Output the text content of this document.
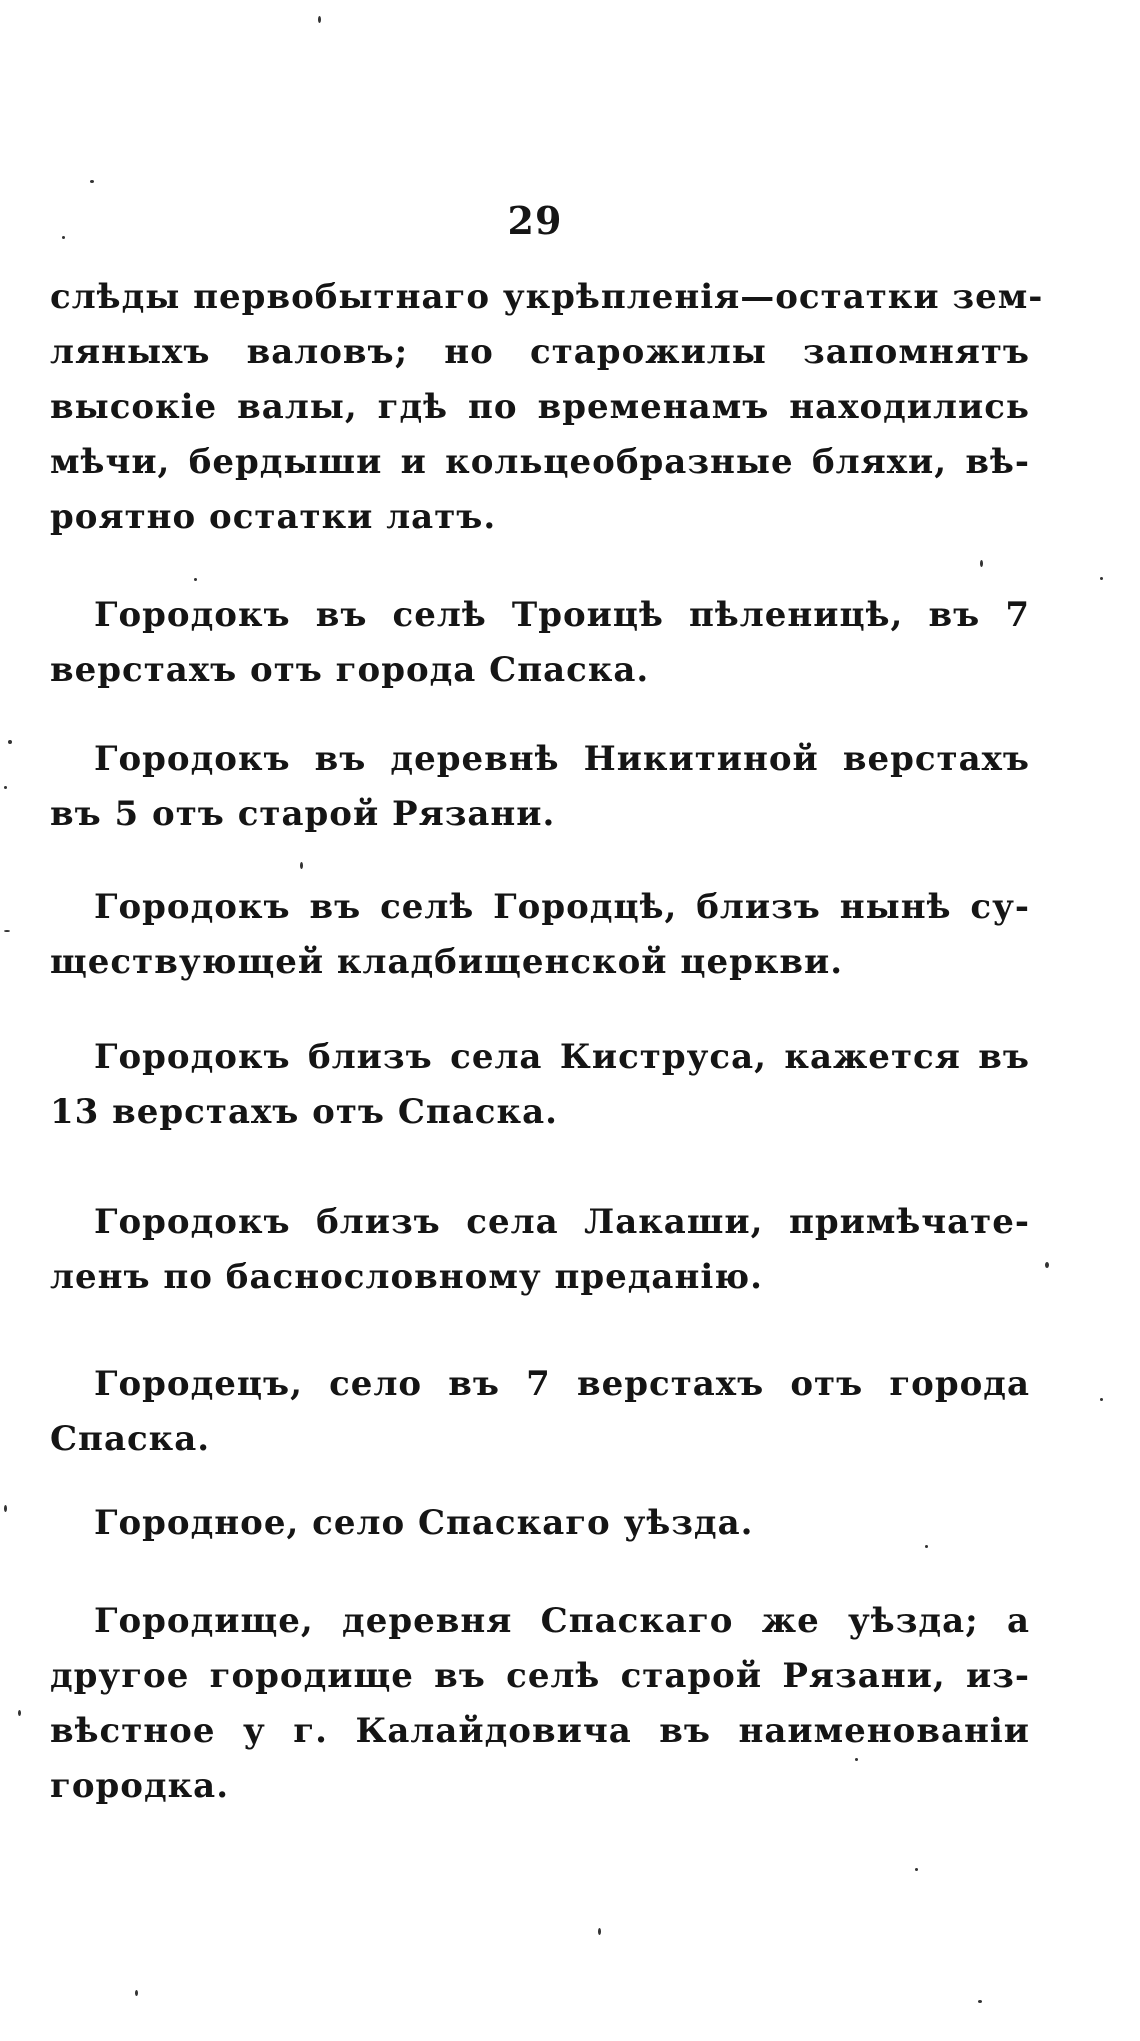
29
слѣды первобытнаго укрѣпленія—остатки зем-
ляныхъ валовъ; но старожилы запомнятъ
высокіе валы, гдѣ по временамъ находились
мѣчи, бердыши и кольцеобразные бляхи, вѣ-
роятно остатки латъ.
Городокъ въ селѣ Троицѣ пѣленицѣ, въ 7
верстахъ отъ города Спаска.
Городокъ въ деревнѣ Никитиной верстахъ
въ 5 отъ старой Рязани.
Городокъ въ селѣ Городцѣ, близъ нынѣ су-
ществующей кладбищенской церкви.
Городокъ близъ села Киструса, кажется въ
13 верстахъ отъ Спаска.
Городокъ близъ села Лакаши, примѣчате-
ленъ по баснословному преданію.
Городецъ, село въ 7 верстахъ отъ города
Спаска.
Городное, село Спаскаго уѣзда.
Городище, деревня Спаскаго же уѣзда; а
другое городище въ селѣ старой Рязани, из-
вѣстное у г. Калайдовича въ наименованіи
городка.
